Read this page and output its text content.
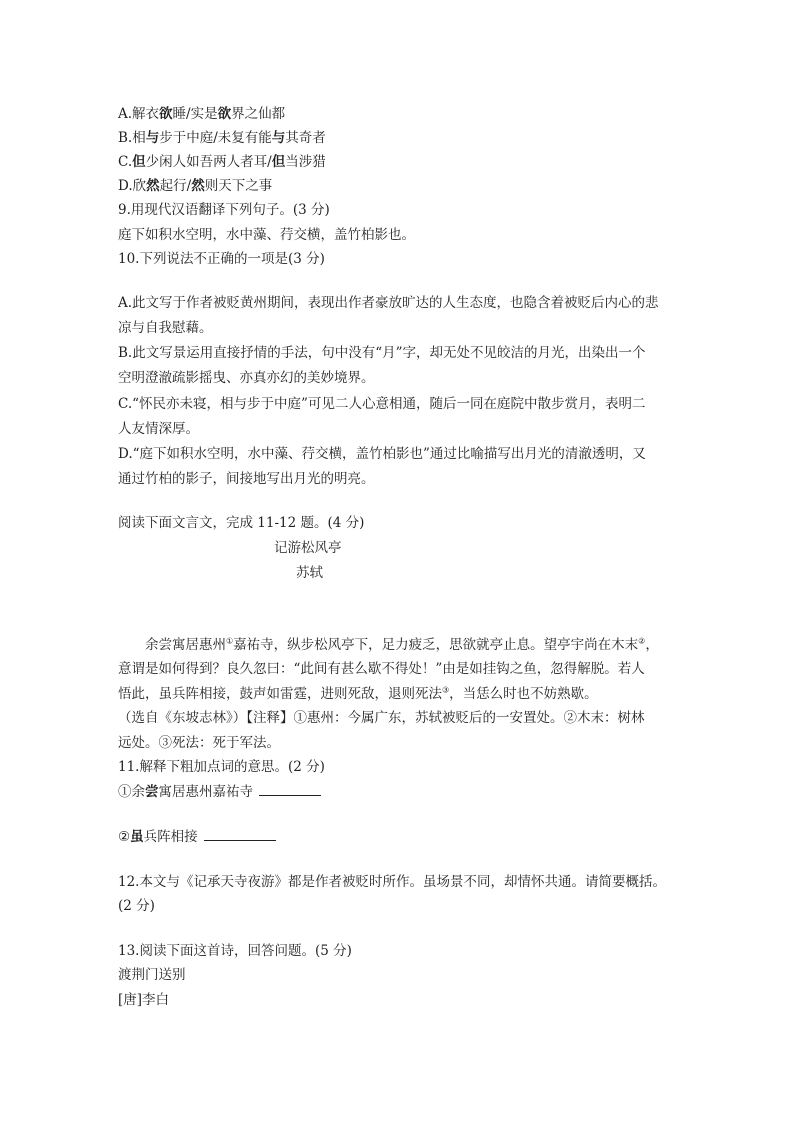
A.解衣欲睡/实是欲界之仙都
B.相与步于中庭/未复有能与其奇者
C.但少闲人如吾两人者耳/但当涉猎
D.欣然起行/然则天下之事
9.用现代汉语翻译下列句子。(3 分)
庭下如积水空明，水中藻、荇交横，盖竹柏影也。
10.下列说法不正确的一项是(3 分)
A.此文写于作者被贬黄州期间，表现出作者豪放旷达的人生态度，也隐含着被贬后内心的悲
凉与自我慰藉。
B.此文写景运用直接抒情的手法，句中没有“月”字，却无处不见皎洁的月光，出染出一个
空明澄澈疏影摇曳、亦真亦幻的美妙境界。
C.“怀民亦未寝，相与步于中庭”可见二人心意相通，随后一同在庭院中散步赏月，表明二
人友情深厚。
D.“庭下如积水空明，水中藻、荇交横，盖竹柏影也”通过比喻描写出月光的清澈透明，又
通过竹柏的影子，间接地写出月光的明亮。
阅读下面文言文，完成 11-12 题。(4 分)
记游松风亭
苏轼
余尝寓居惠州①嘉祐寺，纵步松风亭下，足力疲乏，思欲就亭止息。望亭宇尚在木末②，
意谓是如何得到？良久忽曰：“此间有甚么歇不得处！”由是如挂钩之鱼，忽得解脱。若人
悟此，虽兵阵相接，鼓声如雷霆，进则死敌，退则死法③，当恁么时也不妨熟歇。
（选自《东坡志林》）【注释】①惠州：今属广东，苏轼被贬后的一安置处。②木末：树林
远处。③死法：死于军法。
11.解释下粗加点词的意思。(2 分)
①余尝寓居惠州嘉祐寺
②虽兵阵相接
12.本文与《记承天寺夜游》都是作者被贬时所作。虽场景不同，却情怀共通。请简要概括。
(2 分)
13.阅读下面这首诗，回答问题。(5 分)
渡荆门送别
[唐]李白
